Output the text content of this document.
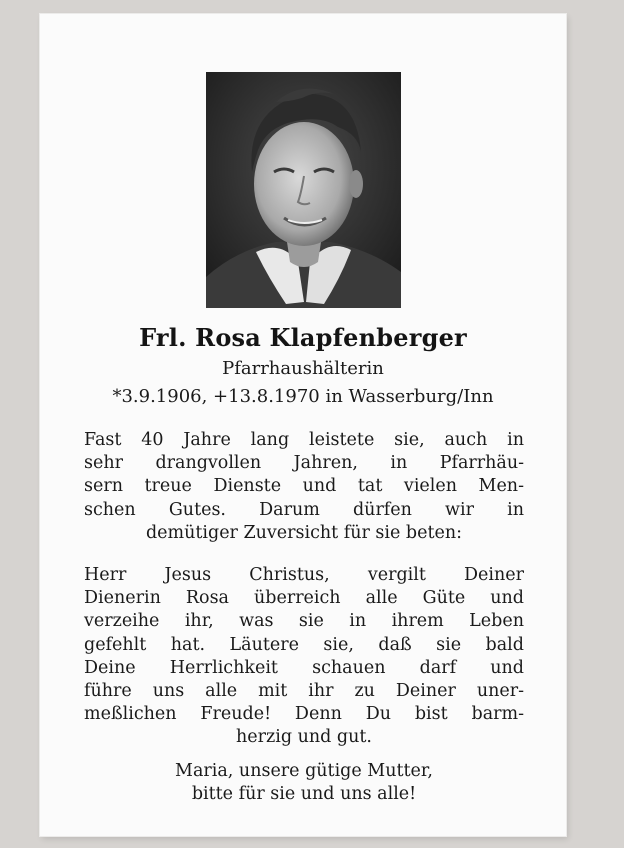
Frl. Rosa Klapfenberger
Pfarrhaushälterin
*3.9.1906, +13.8.1970 in Wasserburg/Inn
Fast 40 Jahre lang leistete sie, auch in
sehr drangvollen Jahren, in Pfarrhäu-
sern treue Dienste und tat vielen Men-
schen Gutes. Darum dürfen wir in
demütiger Zuversicht für sie beten:
Herr Jesus Christus, vergilt Deiner
Dienerin Rosa überreich alle Güte und
verzeihe ihr, was sie in ihrem Leben
gefehlt hat. Läutere sie, daß sie bald
Deine Herrlichkeit schauen darf und
führe uns alle mit ihr zu Deiner uner-
meßlichen Freude! Denn Du bist barm-
herzig und gut.
Maria, unsere gütige Mutter,
bitte für sie und uns alle!
